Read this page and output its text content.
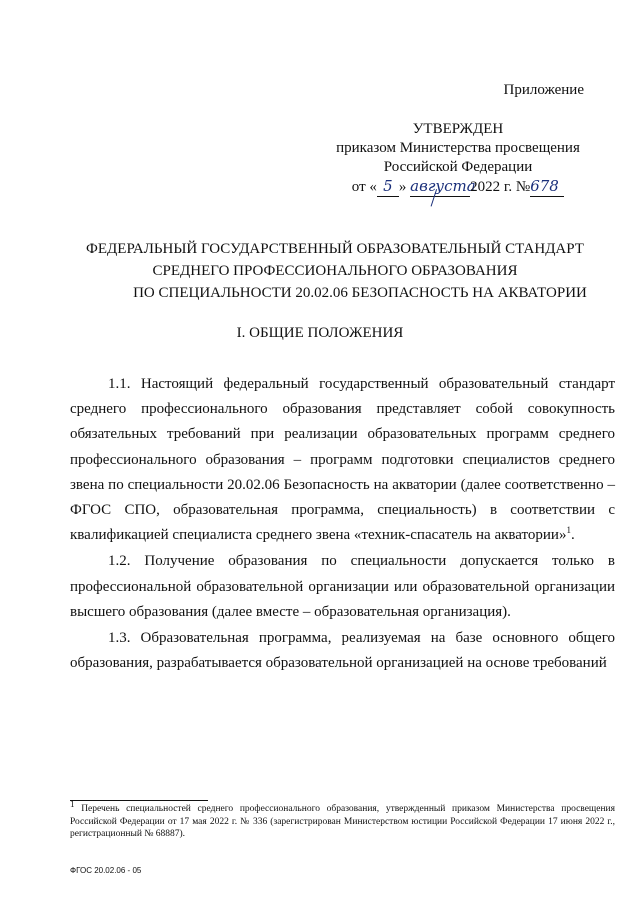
Приложение
УТВЕРЖДЕН
приказом Министерства просвещения
Российской Федерации
от « 5 » августа2022 г. №678
ФЕДЕРАЛЬНЫЙ ГОСУДАРСТВЕННЫЙ ОБРАЗОВАТЕЛЬНЫЙ СТАНДАРТ
СРЕДНЕГО ПРОФЕССИОНАЛЬНОГО ОБРАЗОВАНИЯ
ПО СПЕЦИАЛЬНОСТИ 20.02.06 БЕЗОПАСНОСТЬ НА АКВАТОРИИ
I. ОБЩИЕ ПОЛОЖЕНИЯ

1.1. Настоящий федеральный государственный образовательный стандарт среднего профессионального образования представляет собой совокупность обязательных требований при реализации образовательных программ среднего профессионального образования – программ подготовки специалистов среднего звена по специальности 20.02.06 Безопасность на акватории (далее соответственно – ФГОС СПО, образовательная программа, специальность) в соответствии с квалификацией специалиста среднего звена «техник-спасатель на акватории»$^1$.

1.2. Получение образования по специальности допускается только в профессиональной образовательной организации или образовательной организации высшего образования (далее вместе – образовательная организация).

1.3. Образовательная программа, реализуемая на базе основного общего образования, разрабатывается образовательной организацией на основе требований

$^1$ Перечень специальностей среднего профессионального образования, утвержденный приказом Министерства просвещения Российской Федерации от 17 мая 2022 г. № 336 (зарегистрирован Министерством юстиции Российской Федерации 17 июня 2022 г., регистрационный № 68887).
ФГОС 20.02.06 - 05
